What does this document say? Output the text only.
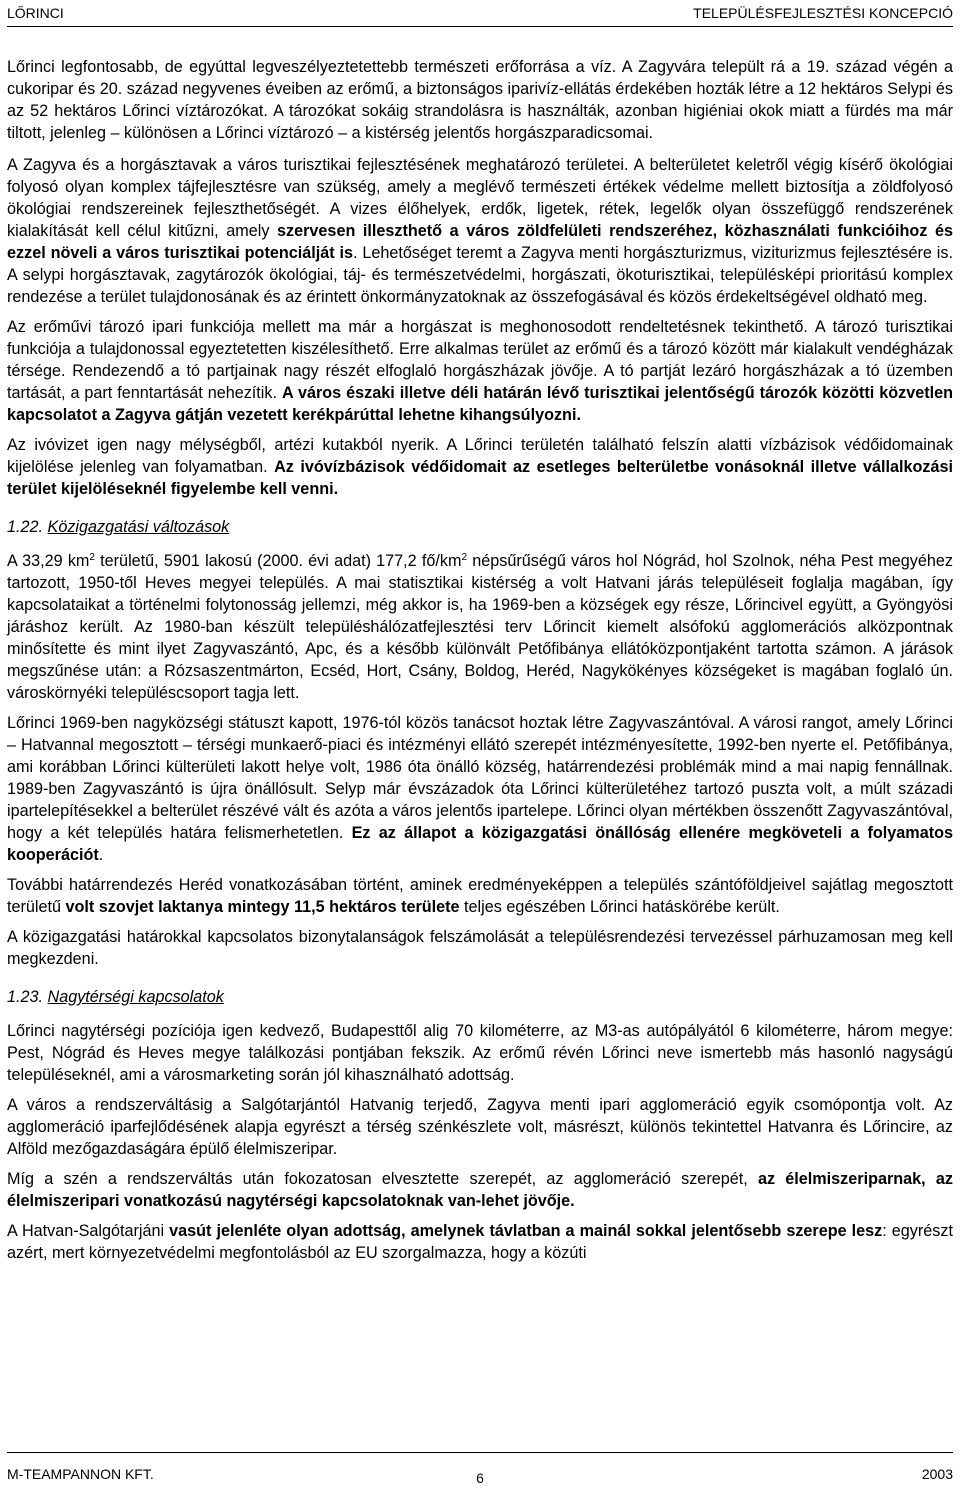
LŐRINCI	TELEPÜLÉSFEJLESZTÉSI KONCEPCIÓ

Lőrinci legfontosabb, de egyúttal legveszélyeztetettebb természeti erőforrása a víz. A Zagyvára települt rá a 19. század végén a cukoripar és 20. század negyvenes éveiben az erőmű, a biztonságos iparivíz-ellátás érdekében hozták létre a 12 hektáros Selypi és az 52 hektáros Lőrinci víztározókat. A tározókat sokáig strandolásra is használták, azonban higiéniai okok miatt a fürdés ma már tiltott, jelenleg – különösen a Lőrinci víztározó – a kistérség jelentős horgászparadicsomai.

A Zagyva és a horgásztavak a város turisztikai fejlesztésének meghatározó területei. A belterületet keletről végig kísérő ökológiai folyosó olyan komplex tájfejlesztésre van szükség, amely a meglévő természeti értékek védelme mellett biztosítja a zöldfolyosó ökológiai rendszereinek fejleszthetőségét. A vizes élőhelyek, erdők, ligetek, rétek, legelők olyan összefüggő rendszerének kialakítását kell célul kitűzni, amely szervesen illeszthető a város zöldfelületi rendszeréhez, közhasználati funkcióihoz és ezzel növeli a város turisztikai potenciálját is. Lehetőséget teremt a Zagyva menti horgászturizmus, viziturizmus fejlesztésére is. A selypi horgásztavak, zagytározók ökológiai, táj- és természetvédelmi, horgászati, ökoturisztikai, településképi prioritású komplex rendezése a terület tulajdonosának és az érintett önkormányzatoknak az összefogásával és közös érdekeltségével oldható meg.

Az erőművi tározó ipari funkciója mellett ma már a horgászat is meghonosodott rendeltetésnek tekinthető. A tározó turisztikai funkciója a tulajdonossal egyeztetetten kiszélesíthető. Erre alkalmas terület az erőmű és a tározó között már kialakult vendégházak térsége. Rendezendő a tó partjainak nagy részét elfoglaló horgászházak jövője. A tó partját lezáró horgászházak a tó üzemben tartását, a part fenntartását nehezítik. A város északi illetve déli határán lévő turisztikai jelentőségű tározók közötti közvetlen kapcsolatot a Zagyva gátján vezetett kerékpárúttal lehetne kihangsúlyozni.

Az ivóvizet igen nagy mélységből, artézi kutakból nyerik. A Lőrinci területén található felszín alatti vízbázisok védőidomainak kijelölése jelenleg van folyamatban. Az ivóvízbázisok védőidomait az esetleges belterületbe vonásoknál illetve vállalkozási terület kijelöléseknél figyelembe kell venni.

1.22. Közigazgatási változások

A 33,29 $km^2$ területű, 5901 lakosú (2000. évi adat) 177,2 $fő/km^2$ népsűrűségű város hol Nógrád, hol Szolnok, néha Pest megyéhez tartozott, 1950-től Heves megyei település. A mai statisztikai kistérség a volt Hatvani járás településeit foglalja magában, így kapcsolataikat a történelmi folytonosság jellemzi, még akkor is, ha 1969-ben a községek egy része, Lőrincivel együtt, a Gyöngyösi járáshoz került. Az 1980-ban készült településhálózatfejlesztési terv Lőrincit kiemelt alsófokú agglomerációs alközpontnak minősítette és mint ilyet Zagyvaszántó, Apc, és a később különvált Petőfibánya ellátóközpontjaként tartotta számon. A járások megszűnése után: a Rózsaszentmárton, Ecséd, Hort, Csány, Boldog, Heréd, Nagykökényes községeket is magában foglaló ún. városkörnyéki településcsoport tagja lett.

Lőrinci 1969-ben nagyközségi státuszt kapott, 1976-tól közös tanácsot hoztak létre Zagyvaszántóval. A városi rangot, amely Lőrinci – Hatvannal megosztott – térségi munkaerő-piaci és intézményi ellátó szerepét intézményesítette, 1992-ben nyerte el. Petőfibánya, ami korábban Lőrinci külterületi lakott helye volt, 1986 óta önálló község, határrendezési problémák mind a mai napig fennállnak. 1989-ben Zagyvaszántó is újra önállósult. Selyp már évszázadok óta Lőrinci külterületéhez tartozó puszta volt, a múlt századi ipartelepítésekkel a belterület részévé vált és azóta a város jelentős ipartelepe. Lőrinci olyan mértékben összenőtt Zagyvaszántóval, hogy a két település határa felismerhetetlen. Ez az állapot a közigazgatási önállóság ellenére megköveteli a folyamatos kooperációt.

További határrendezés Heréd vonatkozásában történt, aminek eredményeképpen a település szántóföldjeivel sajátlag megosztott területű volt szovjet laktanya mintegy 11,5 hektáros területe teljes egészében Lőrinci hatáskörébe került.

A közigazgatási határokkal kapcsolatos bizonytalanságok felszámolását a településrendezési tervezéssel párhuzamosan meg kell megkezdeni.

1.23. Nagytérségi kapcsolatok

Lőrinci nagytérségi pozíciója igen kedvező, Budapesttől alig 70 kilométerre, az M3-as autópályától 6 kilométerre, három megye: Pest, Nógrád és Heves megye találkozási pontjában fekszik. Az erőmű révén Lőrinci neve ismertebb más hasonló nagyságú településeknél, ami a városmarketing során jól kihasználható adottság.

A város a rendszerváltásig a Salgótarjántól Hatvanig terjedő, Zagyva menti ipari agglomeráció egyik csomópontja volt. Az agglomeráció iparfejlődésének alapja egyrészt a térség szénkészlete volt, másrészt, különös tekintettel Hatvanra és Lőrincire, az Alföld mezőgazdaságára épülő élelmiszeripar.

Míg a szén a rendszerváltás után fokozatosan elvesztette szerepét, az agglomeráció szerepét, az élelmiszeriparnak, az élelmiszeripari vonatkozású nagytérségi kapcsolatoknak van-lehet jövője.

A Hatvan-Salgótarjáni vasút jelenléte olyan adottság, amelynek távlatban a mainál sokkal jelentősebb szerepe lesz: egyrészt azért, mert környezetvédelmi megfontolásból az EU szorgalmazza, hogy a közúti

M-TEAMPANNON KFT.	6	2003
